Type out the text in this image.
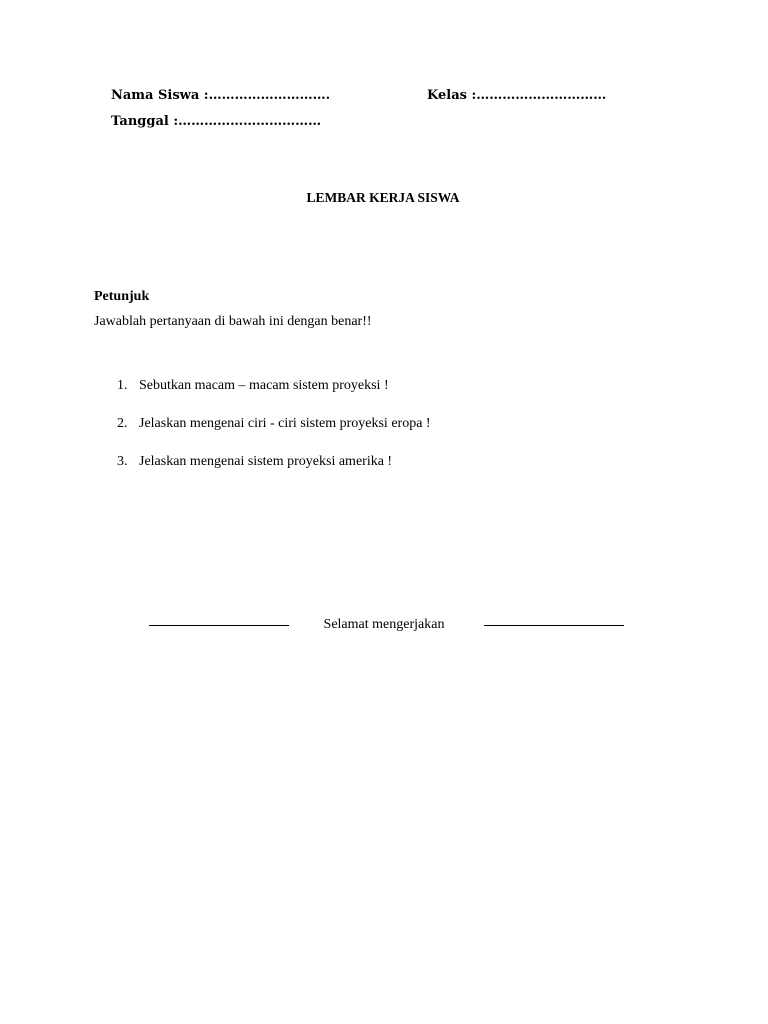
Nama Siswa :……………………….	Kelas :…………………………
Tanggal :……………………………
LEMBAR KERJA SISWA
Petunjuk
Jawablah pertanyaan di bawah ini dengan benar!!
1. Sebutkan macam – macam sistem proyeksi !
2. Jelaskan mengenai ciri - ciri sistem proyeksi eropa !
3. Jelaskan mengenai sistem proyeksi amerika !
Selamat mengerjakan
